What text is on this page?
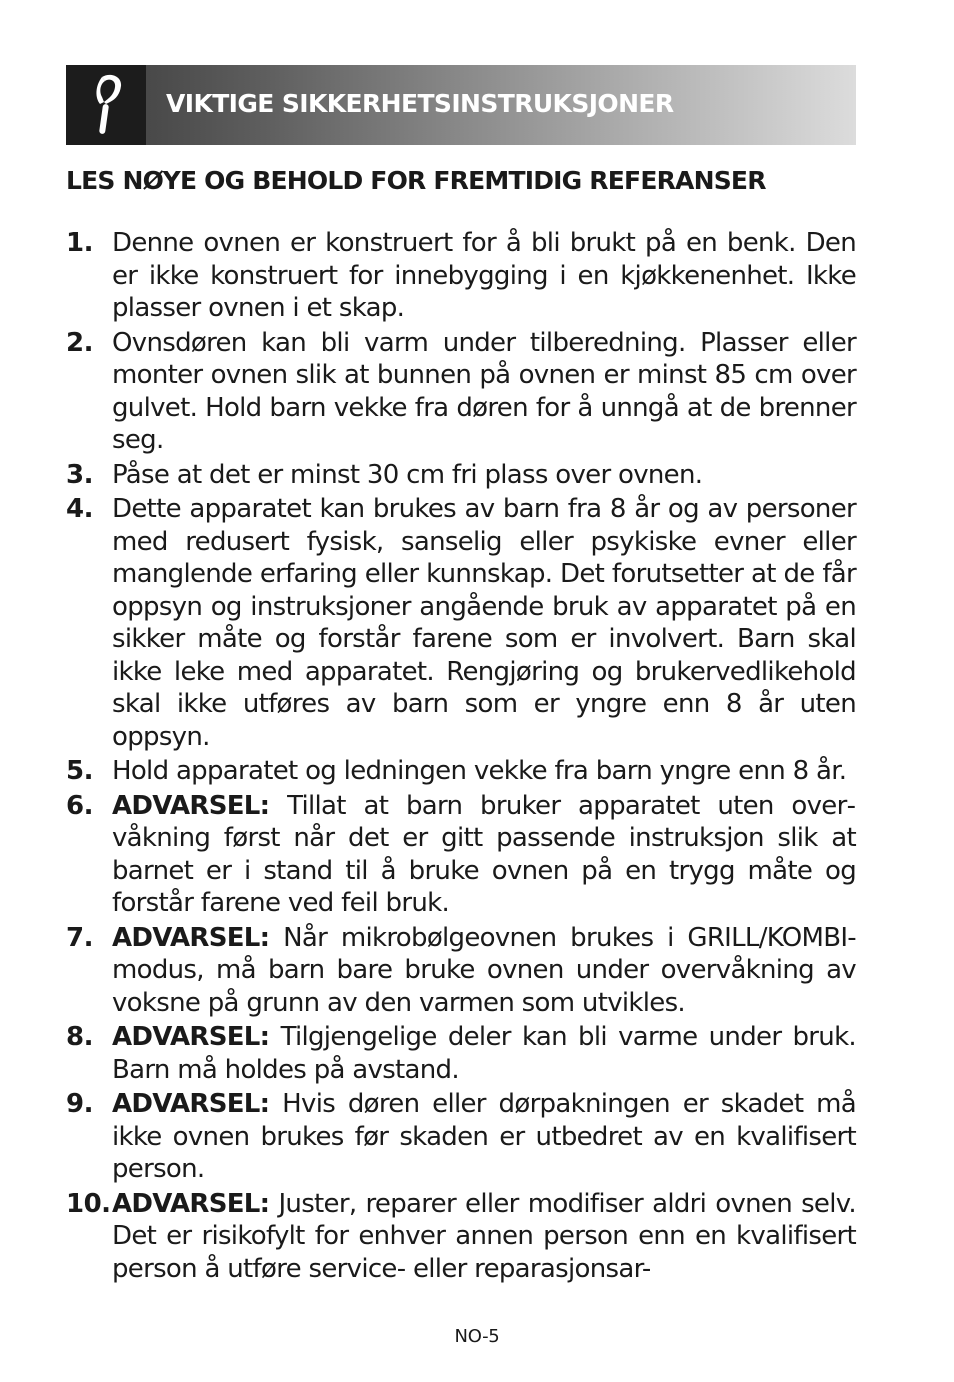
VIKTIGE SIKKERHETSINSTRUKSJONER
LES NØYE OG BEHOLD FOR FREMTIDIG REFERANSER
1. Denne ovnen er konstruert for å bli brukt på en benk. Den er ikke konstruert for innebygging i en kjøkkenenhet. Ikke plasser ovnen i et skap.
2. Ovnsdøren kan bli varm under tilberedning. Plasser eller monter ovnen slik at bunnen på ovnen er minst 85 cm over gulvet. Hold barn vekke fra døren for å unngå at de brenner seg.
3. Påse at det er minst 30 cm fri plass over ovnen.
4. Dette apparatet kan brukes av barn fra 8 år og av personer med redusert fysisk, sanselig eller psykiske evner eller manglende erfaring eller kunnskap. Det forutsetter at de får oppsyn og instruksjoner angående bruk av apparatet på en sikker måte og forstår farene som er involvert. Barn skal ikke leke med apparatet. Rengjøring og brukervedlikehold skal ikke utføres av barn som er yngre enn 8 år uten oppsyn.
5. Hold apparatet og ledningen vekke fra barn yngre enn 8 år.
6. ADVARSEL: Tillat at barn bruker apparatet uten overvåkning først når det er gitt passende instruksjon slik at barnet er i stand til å bruke ovnen på en trygg måte og forstår farene ved feil bruk.
7. ADVARSEL: Når mikrobølgeovnen brukes i GRILL/KOMBI-modus, må barn bare bruke ovnen under overvåkning av voksne på grunn av den varmen som utvikles.
8. ADVARSEL: Tilgjengelige deler kan bli varme under bruk. Barn må holdes på avstand.
9. ADVARSEL: Hvis døren eller dørpakningen er skadet må ikke ovnen brukes før skaden er utbedret av en kvalifisert person.
10. ADVARSEL: Juster, reparer eller modifiser aldri ovnen selv. Det er risikofylt for enhver annen person enn en kvalifisert person å utføre service- eller reparasjonsar-
NO-5
